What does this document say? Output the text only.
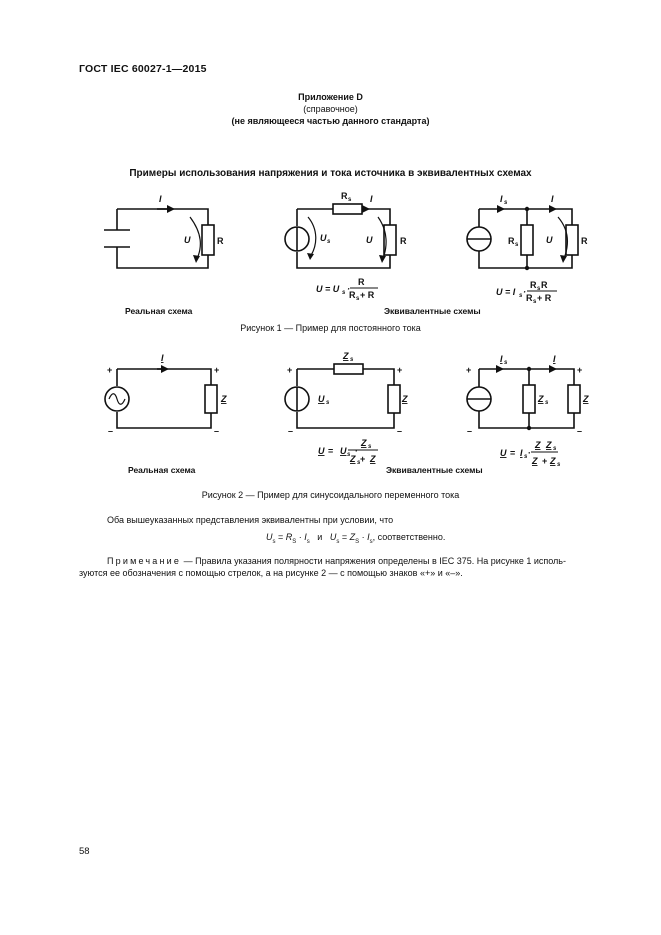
ГОСТ IEC 60027-1—2015
Приложение D
(справочное)
(не являющееся частью данного стандарта)
Примеры использования напряжения и тока источника в эквивалентных схемах
I
U	R
R s I
U s	U	R
I s	I
R s	U	R
U = U s ·
R
R s + R	U = I s ·
R s R
R s + R
Реальная схема	Эквивалентные схемы
Рисунок 1 — Пример для постоянного тока
+
–
+
–
+
–
+
–
+
–
+
–
I
Z
Z
U	Z
I	I
Z	Z
U U
Z
Z Z
U I
Z Z
Z Z
s
s
s
s
s
s
s
s
s
s
= ·
+
= ·
+
Реальная схема	Эквивалентные схемы
Рисунок 2 — Пример для синусоидального переменного тока
Оба вышеуказанных представления эквивалентны при условии, что
$U_s = R_S \cdot I_s$   и   $U_s = Z_S \cdot I_s$, соответственно.
Примечание — Правила указания полярности напряжения определены в IEC 375. На рисунке 1 исполь-
зуются ее обозначения с помощью стрелок, а на рисунке 2 — с помощью знаков «+» и «–».
58
